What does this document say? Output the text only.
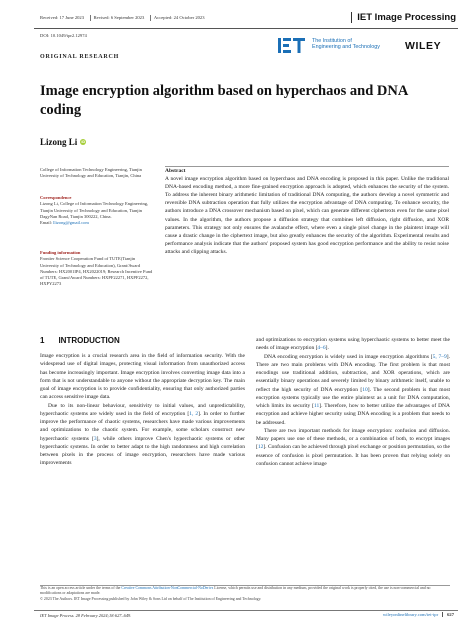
Received: 17 June 2023 Revised: 6 September 2023 Accepted: 24 October 2023	IET Image Processing
DOI: 10.1049/ipr2.12974
The Institution of
Engineering and Technology WILEY
ORIGINAL RESEARCH
Image encryption algorithm based on hyperchaos and DNA coding
Lizong Li iD
College of Information Technology Engineering, Tianjin University of Technology and Education, Tianjin, China
Correspondence
Lizong Li, College of Information Technology Engineering, Tianjin University of Technology and Education, Tianjin DagyNan Road, Tianjin 300222, China.
Email: llizong@gmail.com
Funding information
Frontier Science Cooperation Fund of TUTE(Tianjin University of Technology and Education), Grant/Award Numbers: HX2001IP4, HX2022019; Research Incentive Fund of TUTE, Grant/Award Numbers: HXPF22271, HXPF2272, HXPY2273
Abstract
A novel image encryption algorithm based on hyperchaos and DNA encoding is proposed in this paper. Unlike the traditional DNA-based encoding method, a more fine-grained encryption approach is adopted, which enhances the security of the system. To address the inherent binary arithmetic limitation of traditional DNA computing, the authors develop a novel symmetric and reversible DNA subtraction operation that fully utilizes the encryption advantage of DNA computing. To enhance security, the authors introduce a DNA crossover mechanism based on pixel, which can generate different ciphertexts even for the same pixel values. In the algorithm, the authors propose a diffusion strategy that combines left diffusion, right diffusion, and XOR parameters. This strategy not only ensures the avalanche effect, where even a single pixel change in the plaintext image will cause a drastic change in the ciphertext image, but also greatly enhances the security of the algorithm. Experimental results and performance analysis indicate that the authors' proposed system has good encryption performance and the ability to resist noise attacks and clipping attacks.
1 INTRODUCTION

Image encryption is a crucial research area in the field of information security. With the widespread use of digital images, protecting visual information from unauthorized access has become increasingly important. Image encryption involves converting image data into a form that is not understandable to anyone without the appropriate decryption key. The main goal of image encryption is to provide confidentiality, ensuring that only authorized parties can access sensitive image data.

Due to its non-linear behaviour, sensitivity to initial values, and unpredictability, hyperchaotic systems are widely used in the field of encryption [1, 2]. In order to further improve the performance of chaotic systems, researchers have made various improvements and optimizations to the chaotic system. For example, some scholars construct new hyperchaotic systems [3], while others improve Chen's hyperchaotic systems or other hyperchaotic systems. In order to better adapt to the high randomness and high correlation between pixels in the process of image encryption, researchers have made various improvements

and optimizations to encryption systems using hyperchaotic systems to better meet the needs of image encryption [4–6].

DNA encoding encryption is widely used in image encryption algorithms [5, 7–9]. There are two main problems with DNA encoding. The first problem is that most encodings use traditional addition, subtraction, and XOR operations, which are essentially binary operations and severely limited by binary arithmetic itself, unable to reflect the high security of DNA encryption [10]. The second problem is that most encryption systems typically use the entire plaintext as a unit for DNA computation, which limits its security [11]. Therefore, how to better utilize the advantages of DNA encryption and achieve higher security using DNA encoding is a problem that needs to be addressed.

There are two important methods for image encryption: confusion and diffusion. Many papers use one of these methods, or a combination of both, to encrypt images [12]. Confusion can be achieved through pixel exchange or position permutation, so the essence of confusion is pixel permutation. It has been proven that relying solely on confusion cannot achieve image

This is an open access article under the terms of the Creative Commons Attribution-NonCommercial-NoDerivs License, which permits use and distribution in any medium, provided the original work is properly cited, the use is non-commercial and no modifications or adaptations are made.
© 2023 The Authors. IET Image Processing published by John Wiley & Sons Ltd on behalf of The Institution of Engineering and Technology.
IET Image Process. 28 February 2024;18:627–649.	wileyonlinelibrary.com/iet-ipr 627
